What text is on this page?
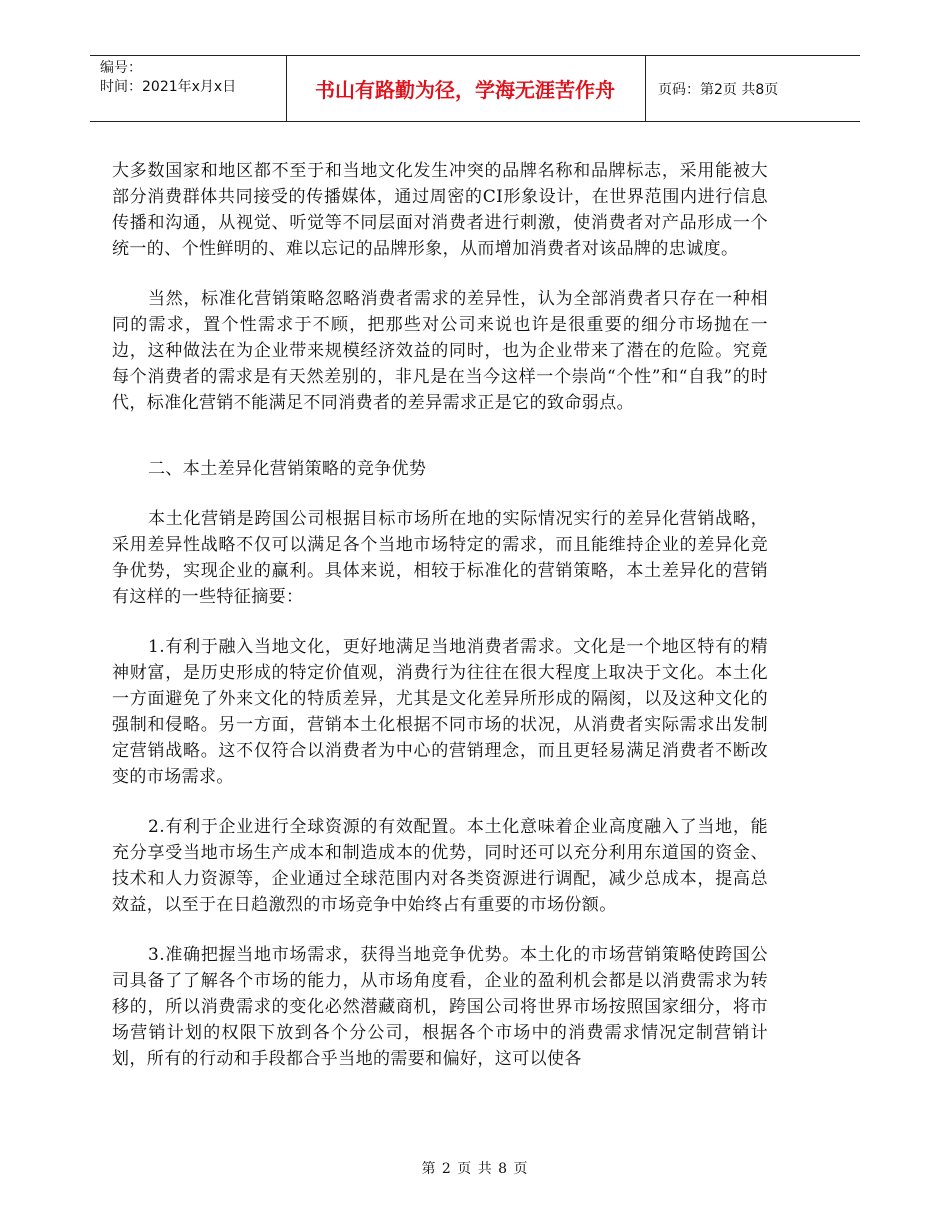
编号：
时间：2021年x月x日	书山有路勤为径，学海无涯苦作舟	页码：第2页 共8页

大多数国家和地区都不至于和当地文化发生冲突的品牌名称和品牌标志，采用能被大部分消费群体共同接受的传播媒体，通过周密的CI形象设计，在世界范围内进行信息传播和沟通，从视觉、听觉等不同层面对消费者进行刺激，使消费者对产品形成一个统一的、个性鲜明的、难以忘记的品牌形象，从而增加消费者对该品牌的忠诚度。

当然，标准化营销策略忽略消费者需求的差异性，认为全部消费者只存在一种相同的需求，置个性需求于不顾，把那些对公司来说也许是很重要的细分市场抛在一边，这种做法在为企业带来规模经济效益的同时，也为企业带来了潜在的危险。究竟每个消费者的需求是有天然差别的，非凡是在当今这样一个崇尚“个性”和“自我”的时代，标准化营销不能满足不同消费者的差异需求正是它的致命弱点。

二、本土差异化营销策略的竞争优势

本土化营销是跨国公司根据目标市场所在地的实际情况实行的差异化营销战略，采用差异性战略不仅可以满足各个当地市场特定的需求，而且能维持企业的差异化竞争优势，实现企业的赢利。具体来说，相较于标准化的营销策略，本土差异化的营销有这样的一些特征摘要：

1.有利于融入当地文化，更好地满足当地消费者需求。文化是一个地区特有的精神财富，是历史形成的特定价值观，消费行为往往在很大程度上取决于文化。本土化一方面避免了外来文化的特质差异，尤其是文化差异所形成的隔阂，以及这种文化的强制和侵略。另一方面，营销本土化根据不同市场的状况，从消费者实际需求出发制定营销战略。这不仅符合以消费者为中心的营销理念，而且更轻易满足消费者不断改变的市场需求。

2.有利于企业进行全球资源的有效配置。本土化意味着企业高度融入了当地，能充分享受当地市场生产成本和制造成本的优势，同时还可以充分利用东道国的资金、技术和人力资源等，企业通过全球范围内对各类资源进行调配，减少总成本，提高总效益，以至于在日趋激烈的市场竞争中始终占有重要的市场份额。

3.准确把握当地市场需求，获得当地竞争优势。本土化的市场营销策略使跨国公司具备了了解各个市场的能力，从市场角度看，企业的盈利机会都是以消费需求为转移的，所以消费需求的变化必然潜藏商机，跨国公司将世界市场按照国家细分，将市场营销计划的权限下放到各个分公司，根据各个市场中的消费需求情况定制营销计划，所有的行动和手段都合乎当地的需要和偏好，这可以使各

第 2 页 共 8 页
